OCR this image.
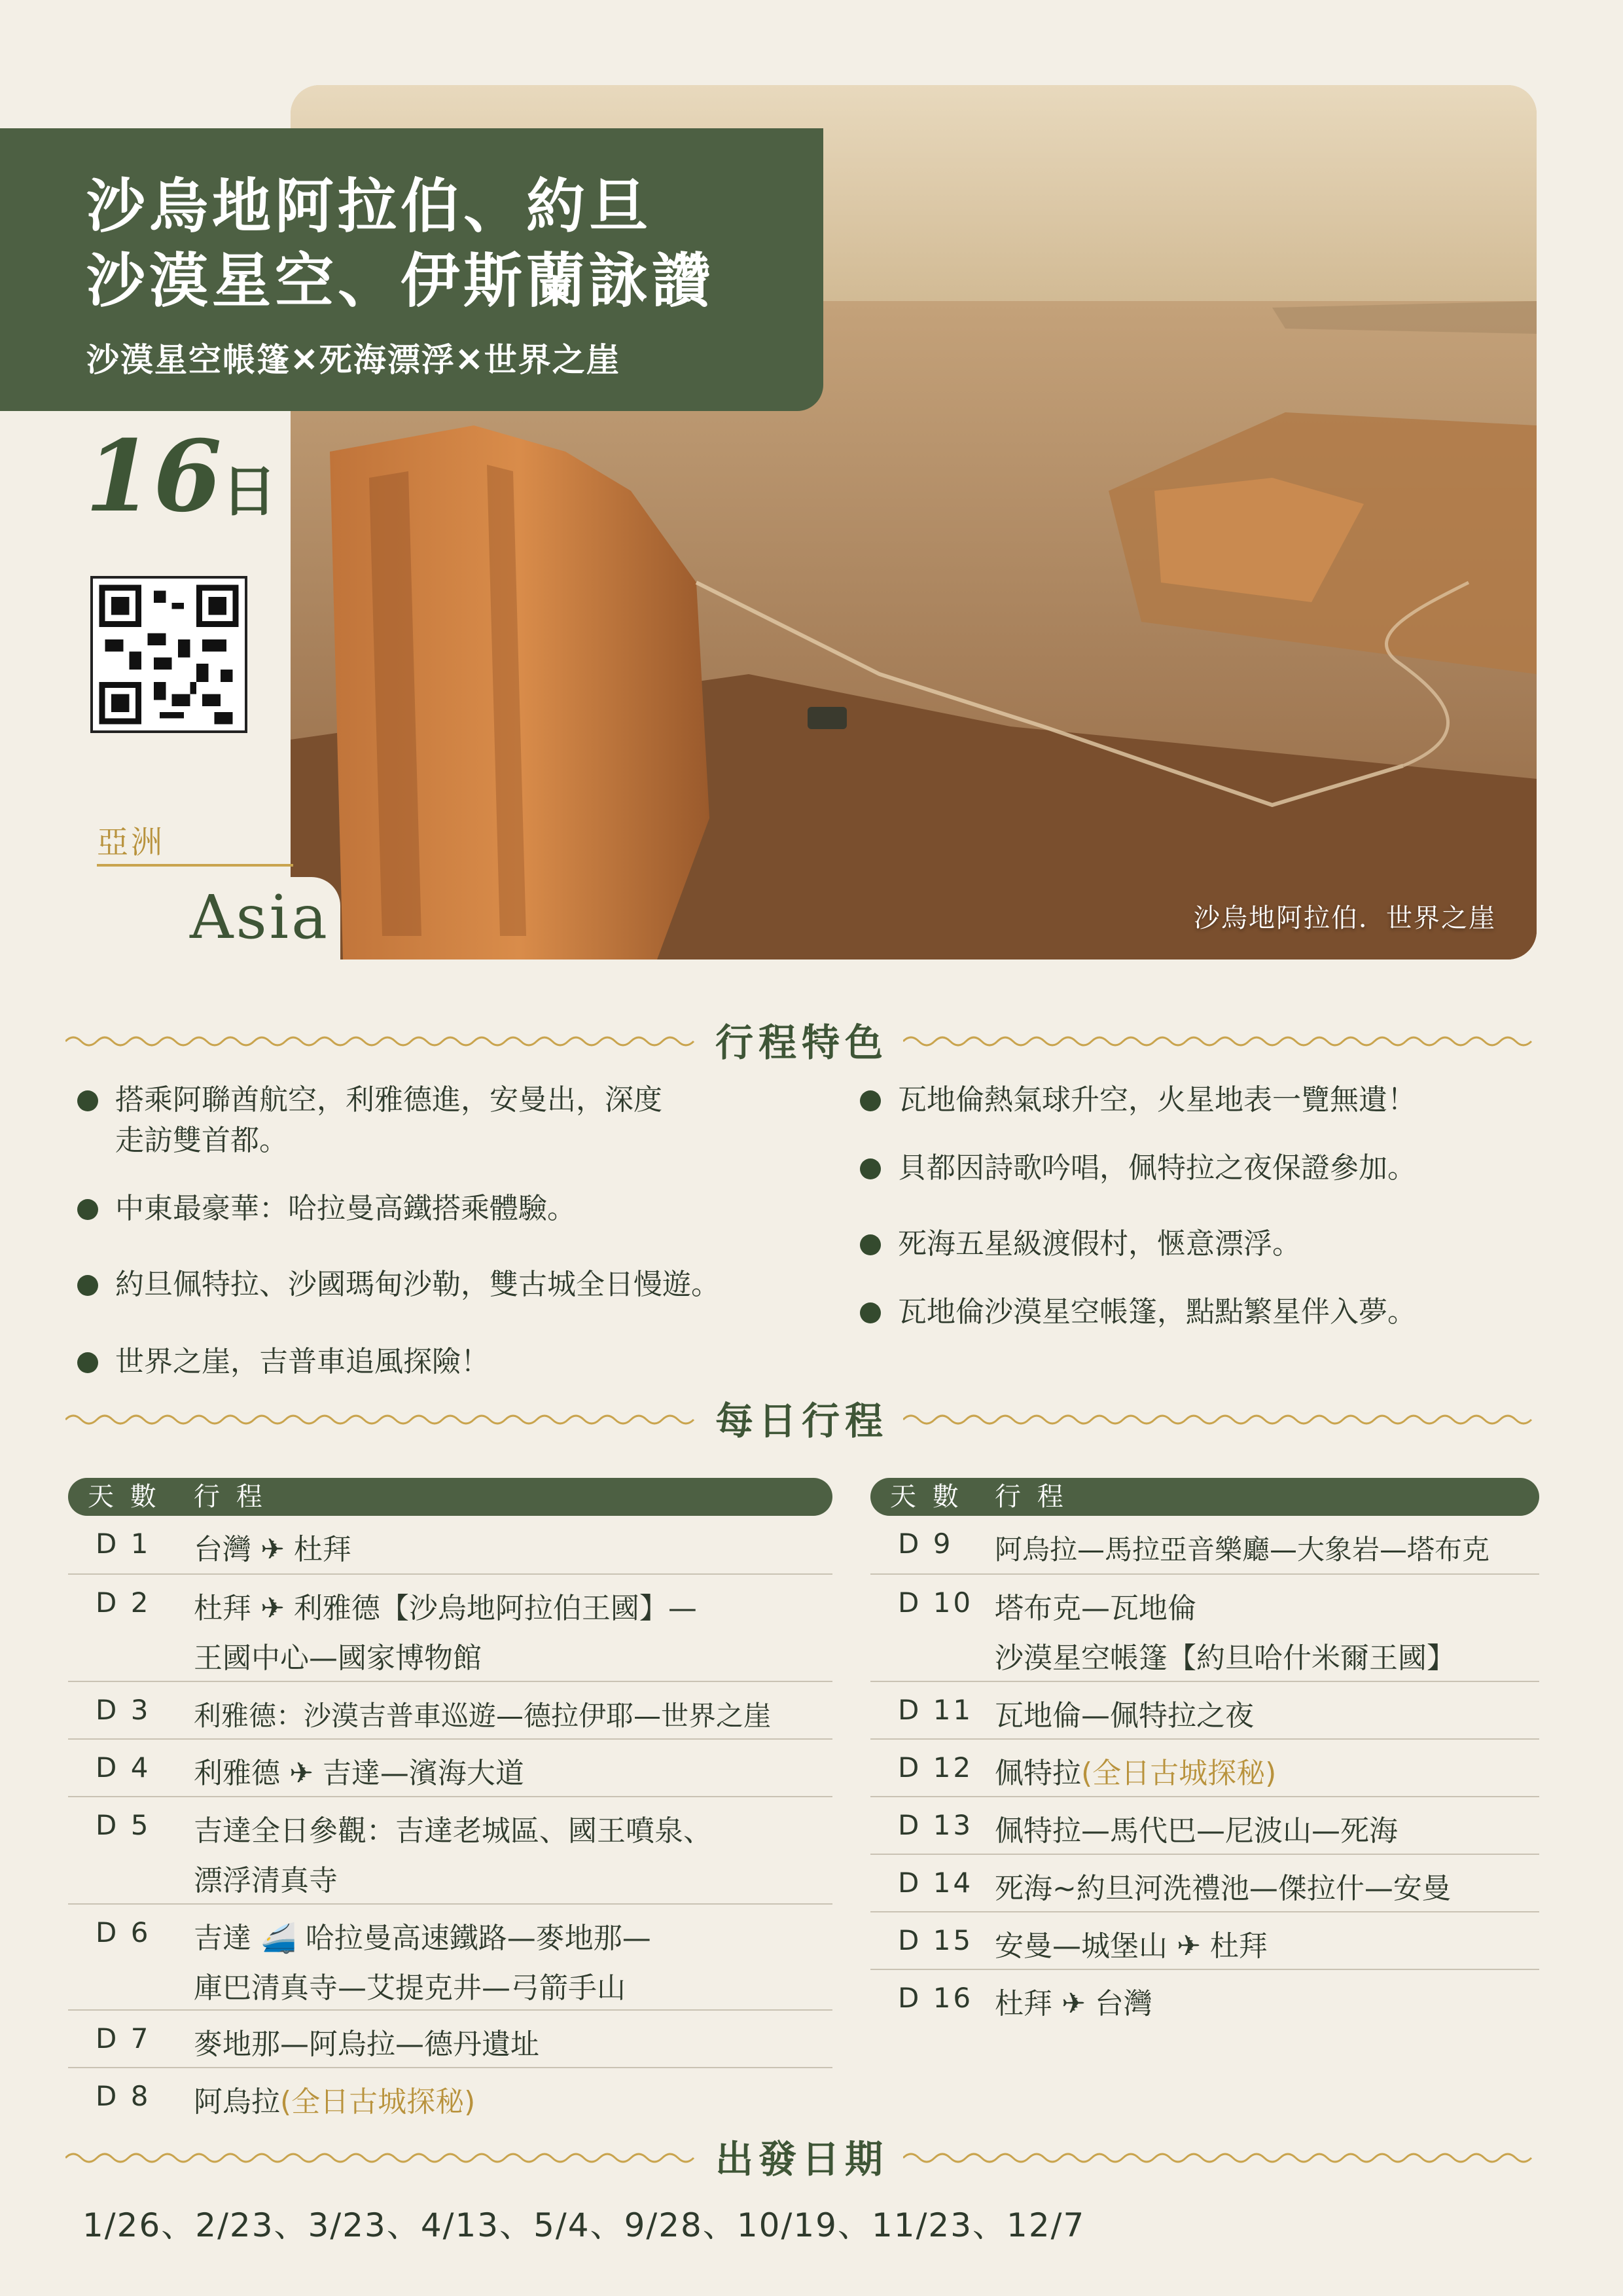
沙烏地阿拉伯．世界之崖
沙烏地阿拉伯、約旦
沙漠星空、伊斯蘭詠讚
沙漠星空帳篷✕死海漂浮✕世界之崖
16日
亞洲
Asia
行程特色
搭乘阿聯酋航空，利雅德進，安曼出，深度
走訪雙首都。
中東最豪華：哈拉曼高鐵搭乘體驗。
約旦佩特拉、沙國瑪甸沙勒，雙古城全日慢遊。
世界之崖，吉普車追風探險！
瓦地倫熱氣球升空，火星地表一覽無遺！
貝都因詩歌吟唱，佩特拉之夜保證參加。
死海五星級渡假村，愜意漂浮。
瓦地倫沙漠星空帳篷，點點繁星伴入夢。
每日行程
天 數 行 程
D 1 台灣 ✈ 杜拜
D 2 杜拜 ✈ 利雅德【沙烏地阿拉伯王國】—
王國中心—國家博物館
D 3 利雅德：沙漠吉普車巡遊—德拉伊耶—世界之崖
D 4 利雅德 ✈ 吉達—濱海大道
D 5 吉達全日參觀：吉達老城區、國王噴泉、
漂浮清真寺
D 6 吉達 🚄 哈拉曼高速鐵路—麥地那—
庫巴清真寺—艾提克井—弓箭手山
D 7 麥地那—阿烏拉—德丹遺址
D 8 阿烏拉(全日古城探秘)
天 數 行 程
D 9 阿烏拉—馬拉亞音樂廳—大象岩—塔布克
D 10 塔布克—瓦地倫
沙漠星空帳篷【約旦哈什米爾王國】
D 11 瓦地倫—佩特拉之夜
D 12 佩特拉(全日古城探秘)
D 13 佩特拉—馬代巴—尼波山—死海
D 14 死海~約旦河洗禮池—傑拉什—安曼
D 15 安曼—城堡山 ✈ 杜拜
D 16 杜拜 ✈ 台灣
出發日期
1/26、2/23、3/23、4/13、5/4、9/28、10/19、11/23、12/7
